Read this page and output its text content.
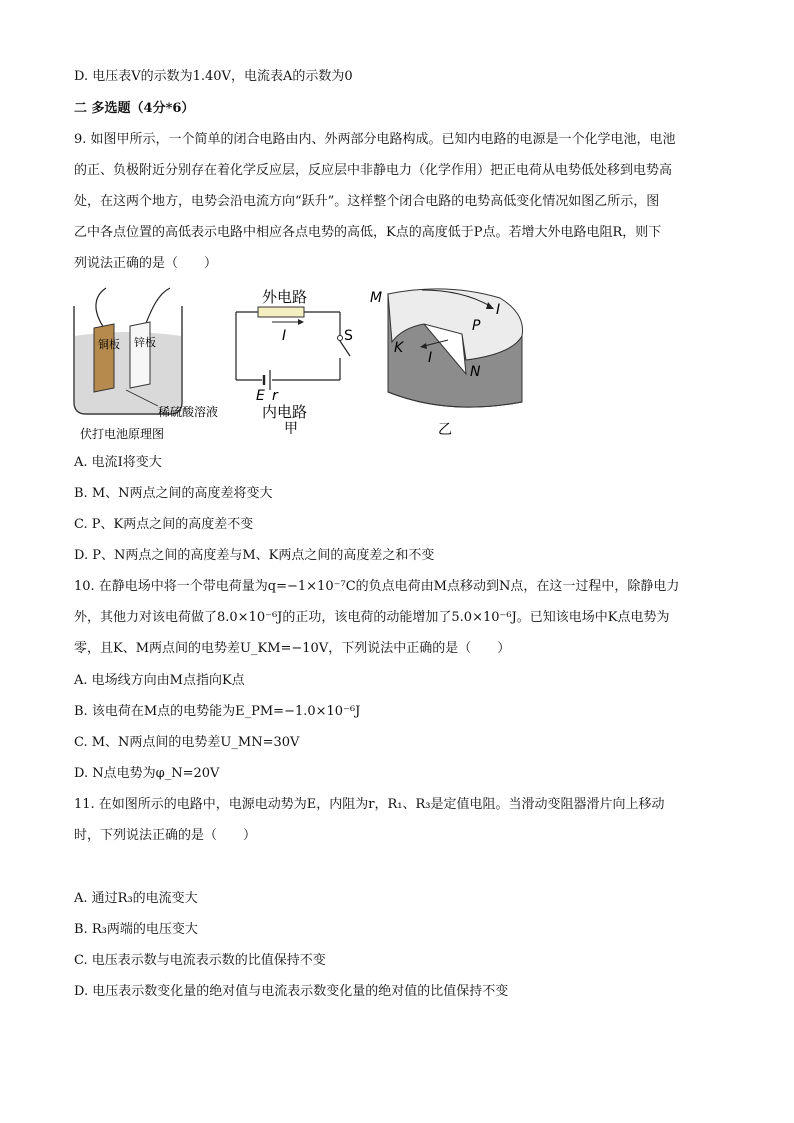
D. 电压表V的示数为1.40V，电流表A的示数为0
二 多选题（4分*6）
9. 如图甲所示，一个简单的闭合电路由内、外两部分电路构成。已知内电路的电源是一个化学电池，电池
的正、负极附近分别存在着化学反应层，反应层中非静电力（化学作用）把正电荷从电势低处移到电势高
处，在这两个地方，电势会沿电流方向“跃升”。这样整个闭合电路的电势高低变化情况如图乙所示，图
乙中各点位置的高低表示电路中相应各点电势的高低，K点的高度低于P点。若增大外电路电阻R，则下
列说法正确的是（　　）
铜板 锌板
稀硫酸溶液
伏打电池原理图
外电路
S
I
E r
内电路
甲
M
I
P
K
I
N
乙
A. 电流I将变大
B. M、N两点之间的高度差将变大
C. P、K两点之间的高度差不变
D. P、N两点之间的高度差与M、K两点之间的高度差之和不变
10. 在静电场中将一个带电荷量为q=−1×10⁻⁷C的负点电荷由M点移动到N点，在这一过程中，除静电力
外，其他力对该电荷做了8.0×10⁻⁶J的正功，该电荷的动能增加了5.0×10⁻⁶J。已知该电场中K点电势为
零，且K、M两点间的电势差U_KM=−10V，下列说法中正确的是（　　）
A. 电场线方向由M点指向K点
B. 该电荷在M点的电势能为E_PM=−1.0×10⁻⁶J
C. M、N两点间的电势差U_MN=30V
D. N点电势为φ_N=20V
11. 在如图所示的电路中，电源电动势为E，内阻为r，R₁、R₃是定值电阻。当滑动变阻器滑片向上移动
时，下列说法正确的是（　　）
A. 通过R₃的电流变大
B. R₃两端的电压变大
C. 电压表示数与电流表示数的比值保持不变
D. 电压表示数变化量的绝对值与电流表示数变化量的绝对值的比值保持不变
